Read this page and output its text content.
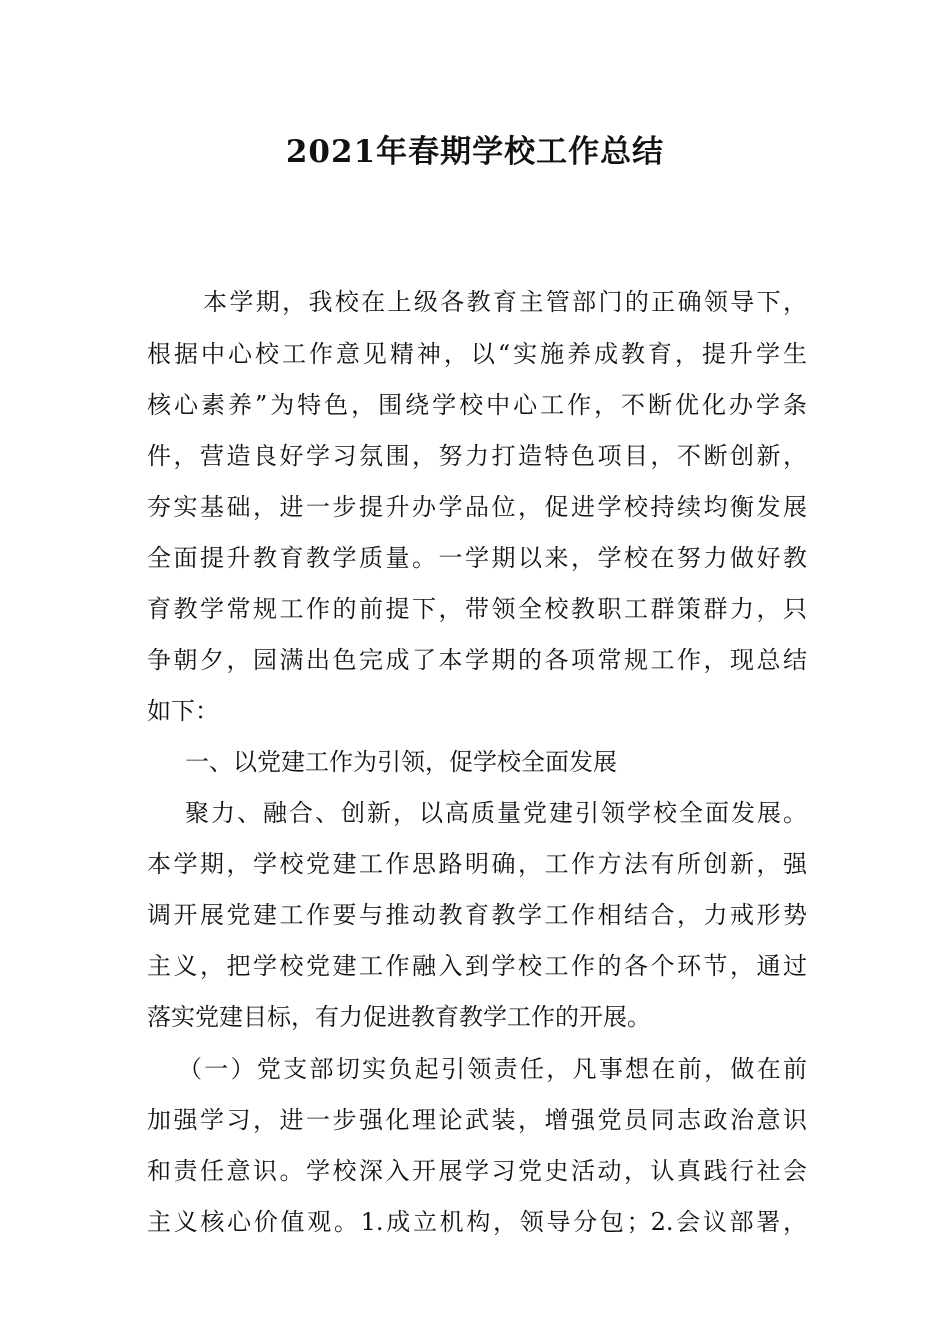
2021年春期学校工作总结
本学期，我校在上级各教育主管部门的正确领导下，
根据中心校工作意见精神，以“实施养成教育，提升学生
核心素养”为特色，围绕学校中心工作，不断优化办学条
件，营造良好学习氛围，努力打造特色项目，不断创新，
夯实基础，进一步提升办学品位，促进学校持续均衡发展
全面提升教育教学质量。一学期以来，学校在努力做好教
育教学常规工作的前提下，带领全校教职工群策群力，只
争朝夕，园满出色完成了本学期的各项常规工作，现总结
如下：
一、以党建工作为引领，促学校全面发展
聚力、融合、创新，以高质量党建引领学校全面发展。
本学期，学校党建工作思路明确，工作方法有所创新，强
调开展党建工作要与推动教育教学工作相结合，力戒形势
主义，把学校党建工作融入到学校工作的各个环节，通过
落实党建目标，有力促进教育教学工作的开展。
（一）党支部切实负起引领责任，凡事想在前，做在前
加强学习，进一步强化理论武装，增强党员同志政治意识
和责任意识。学校深入开展学习党史活动，认真践行社会
主义核心价值观。1.成立机构，领导分包；2.会议部署，
